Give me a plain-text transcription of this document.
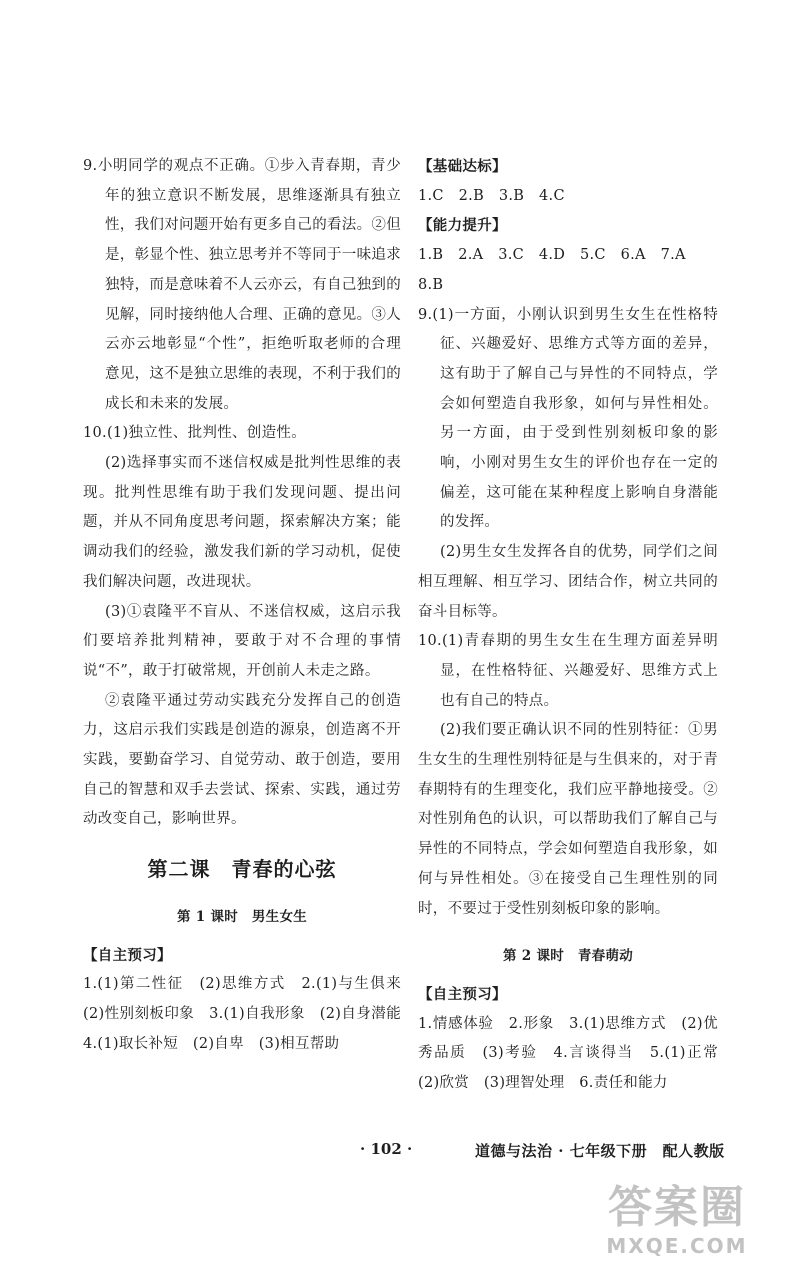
9.小明同学的观点不正确。①步入青春期，青少年的独立意识不断发展，思维逐渐具有独立性，我们对问题开始有更多自己的看法。②但是，彰显个性、独立思考并不等同于一味追求独特，而是意味着不人云亦云，有自己独到的见解，同时接纳他人合理、正确的意见。③人云亦云地彰显“个性”，拒绝听取老师的合理意见，这不是独立思维的表现，不利于我们的成长和未来的发展。

10.(1)独立性、批判性、创造性。

(2)选择事实而不迷信权威是批判性思维的表现。批判性思维有助于我们发现问题、提出问题，并从不同角度思考问题，探索解决方案；能调动我们的经验，激发我们新的学习动机，促使我们解决问题，改进现状。

(3)①袁隆平不盲从、不迷信权威，这启示我们要培养批判精神，要敢于对不合理的事情说“不”，敢于打破常规，开创前人未走之路。

②袁隆平通过劳动实践充分发挥自己的创造力，这启示我们实践是创造的源泉，创造离不开实践，要勤奋学习、自觉劳动、敢于创造，要用自己的智慧和双手去尝试、探索、实践，通过劳动改变自己，影响世界。

第二课　青春的心弦
第 1 课时　男生女生

【自主预习】

1.(1)第二性征　(2)思维方式　2.(1)与生俱来　(2)性别刻板印象　3.(1)自我形象　(2)自身潜能　4.(1)取长补短　(2)自卑　(3)相互帮助

【基础达标】

1.C　2.B　3.B　4.C

【能力提升】

1.B　2.A　3.C　4.D　5.C　6.A　7.A

8.B

9.(1)一方面，小刚认识到男生女生在性格特征、兴趣爱好、思维方式等方面的差异，这有助于了解自己与异性的不同特点，学会如何塑造自我形象，如何与异性相处。另一方面，由于受到性别刻板印象的影响，小刚对男生女生的评价也存在一定的偏差，这可能在某种程度上影响自身潜能的发挥。

(2)男生女生发挥各自的优势，同学们之间相互理解、相互学习、团结合作，树立共同的奋斗目标等。

10.(1)青春期的男生女生在生理方面差异明显，在性格特征、兴趣爱好、思维方式上也有自己的特点。

(2)我们要正确认识不同的性别特征：①男生女生的生理性别特征是与生俱来的，对于青春期特有的生理变化，我们应平静地接受。②对性别角色的认识，可以帮助我们了解自己与异性的不同特点，学会如何塑造自我形象，如何与异性相处。③在接受自己生理性别的同时，不要过于受性别刻板印象的影响。

第 2 课时　青春萌动

【自主预习】

1.情感体验　2.形象　3.(1)思维方式　(2)优秀品质　(3)考验　4.言谈得当　5.(1)正常　(2)欣赏　(3)理智处理　6.责任和能力

· 102 ·	道德与法治 · 七年级下册　配人教版
答案圈
MXQE.COM
